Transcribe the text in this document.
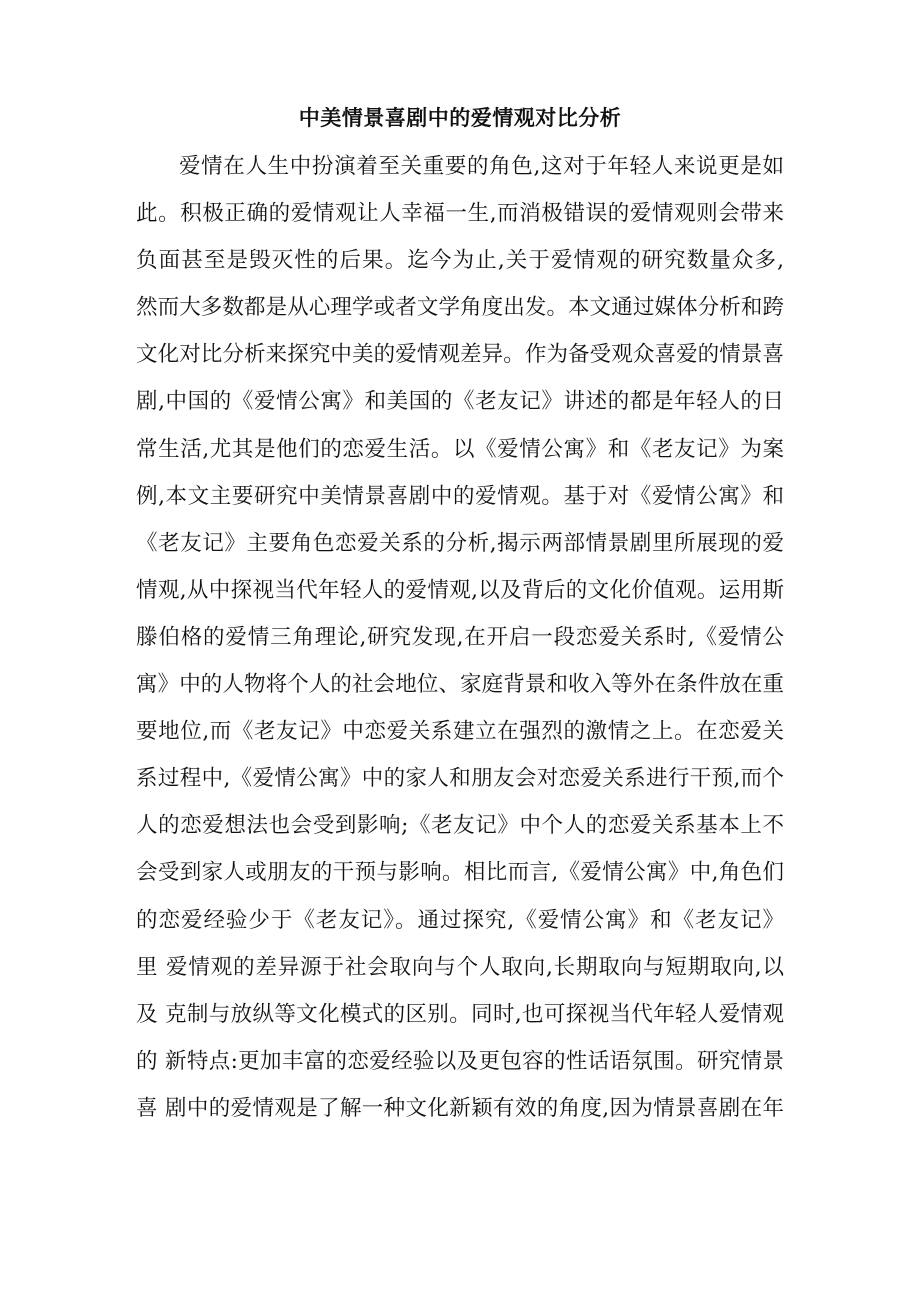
中美情景喜剧中的爱情观对比分析
爱情在人生中扮演着至关重要的角色,这对于年轻人来说更是如
此。积极正确的爱情观让人幸福一生,而消极错误的爱情观则会带来
负面甚至是毁灭性的后果。迄今为止,关于爱情观的研究数量众多,
然而大多数都是从心理学或者文学角度出发。本文通过媒体分析和跨
文化对比分析来探究中美的爱情观差异。作为备受观众喜爱的情景喜
剧,中国的《爱情公寓》和美国的《老友记》讲述的都是年轻人的日
常生活,尤其是他们的恋爱生活。以《爱情公寓》和《老友记》为案
例,本文主要研究中美情景喜剧中的爱情观。基于对《爱情公寓》和
《老友记》主要角色恋爱关系的分析,揭示两部情景剧里所展现的爱
情观,从中探视当代年轻人的爱情观,以及背后的文化价值观。运用斯
滕伯格的爱情三角理论,研究发现,在开启一段恋爱关系时,《爱情公
寓》中的人物将个人的社会地位、家庭背景和收入等外在条件放在重
要地位,而《老友记》中恋爱关系建立在强烈的激情之上。在恋爱关
系过程中,《爱情公寓》中的家人和朋友会对恋爱关系进行干预,而个
人的恋爱想法也会受到影响;《老友记》中个人的恋爱关系基本上不
会受到家人或朋友的干预与影响。相比而言,《爱情公寓》中,角色们
的恋爱经验少于《老友记》。通过探究,《爱情公寓》和《老友记》
里 爱情观的差异源于社会取向与个人取向,长期取向与短期取向,以
及 克制与放纵等文化模式的区别。同时,也可探视当代年轻人爱情观
的 新特点:更加丰富的恋爱经验以及更包容的性话语氛围。研究情景
喜 剧中的爱情观是了解一种文化新颖有效的角度,因为情景喜剧在年
